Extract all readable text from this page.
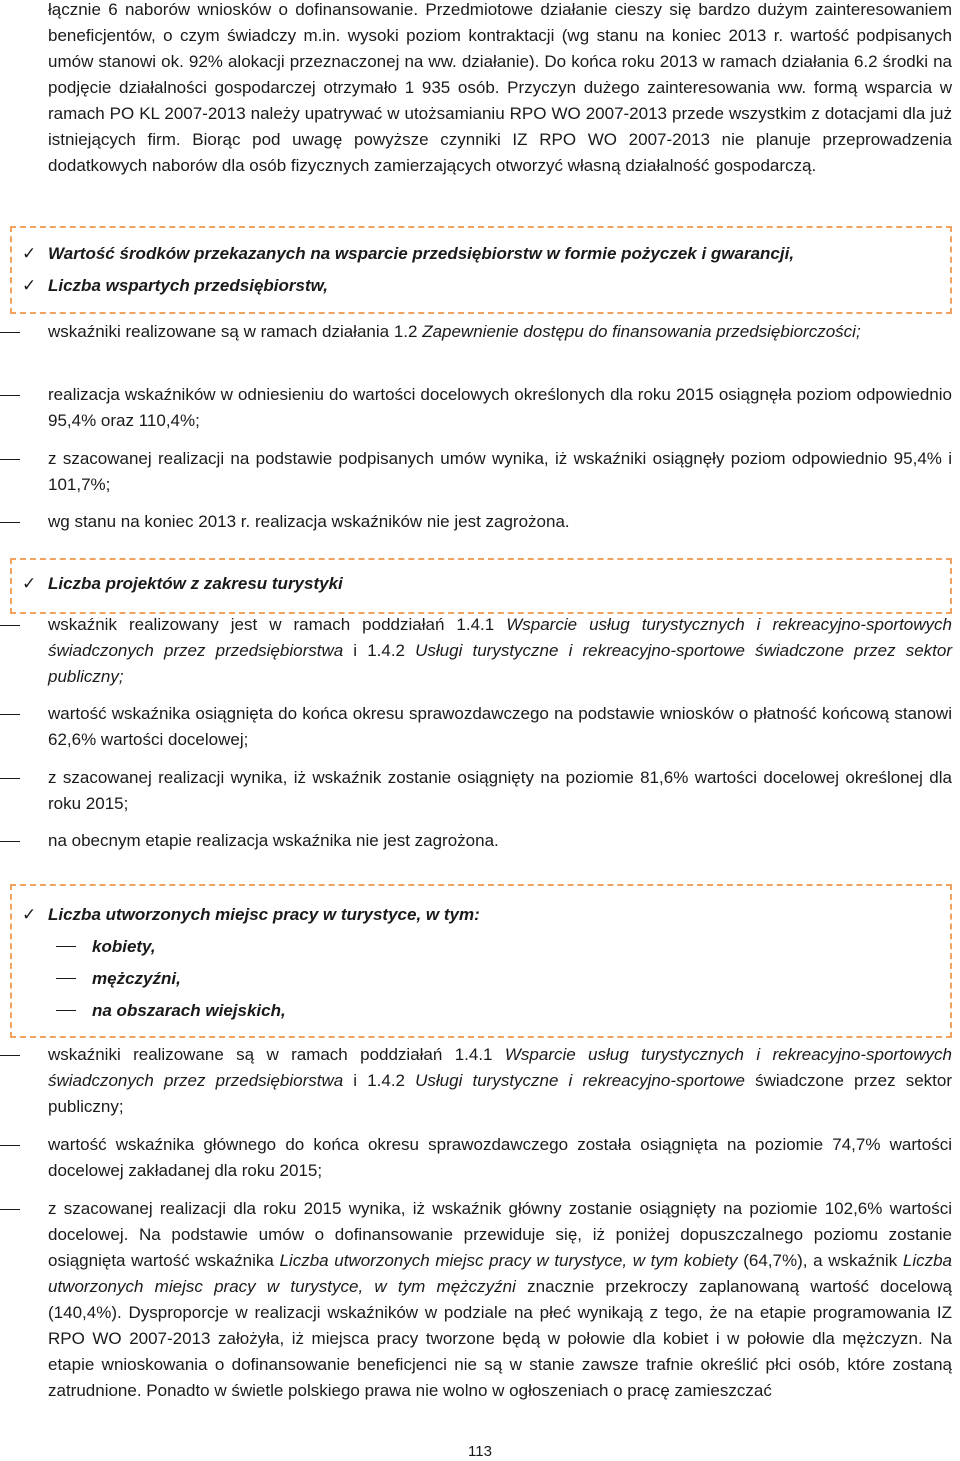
łącznie 6 naborów wniosków o dofinansowanie. Przedmiotowe działanie cieszy się bardzo dużym zainteresowaniem beneficjentów, o czym świadczy m.in. wysoki poziom kontraktacji (wg stanu na koniec 2013 r. wartość podpisanych umów stanowi ok. 92% alokacji przeznaczonej na ww. działanie). Do końca roku 2013 w ramach działania 6.2 środki na podjęcie działalności gospodarczej otrzymało 1 935 osób. Przyczyn dużego zainteresowania ww. formą wsparcia w ramach PO KL 2007-2013 należy upatrywać w utożsamianiu RPO WO 2007-2013 przede wszystkim z dotacjami dla już istniejących firm. Biorąc pod uwagę powyższe czynniki IZ RPO WO 2007-2013 nie planuje przeprowadzenia dodatkowych naborów dla osób fizycznych zamierzających otworzyć własną działalność gospodarczą.

✓ Wartość środków przekazanych na wsparcie przedsiębiorstw w formie pożyczek i gwarancji,
✓ Liczba wspartych przedsiębiorstw,

wskaźniki realizowane są w ramach działania 1.2 Zapewnienie dostępu do finansowania przedsiębiorczości;

realizacja wskaźników w odniesieniu do wartości docelowych określonych dla roku 2015 osiągnęła poziom odpowiednio 95,4% oraz 110,4%;

z szacowanej realizacji na podstawie podpisanych umów wynika, iż wskaźniki osiągnęły poziom odpowiednio 95,4% i 101,7%;

wg stanu na koniec 2013 r. realizacja wskaźników nie jest zagrożona.

✓ Liczba projektów z zakresu turystyki

wskaźnik realizowany jest w ramach poddziałań 1.4.1 Wsparcie usług turystycznych i rekreacyjno-sportowych świadczonych przez przedsiębiorstwa i 1.4.2 Usługi turystyczne i rekreacyjno-sportowe świadczone przez sektor publiczny;

wartość wskaźnika osiągnięta do końca okresu sprawozdawczego na podstawie wniosków o płatność końcową stanowi 62,6% wartości docelowej;

z szacowanej realizacji wynika, iż wskaźnik zostanie osiągnięty na poziomie 81,6% wartości docelowej określonej dla roku 2015;

na obecnym etapie realizacja wskaźnika nie jest zagrożona.

✓ Liczba utworzonych miejsc pracy w turystyce, w tym:
kobiety,
mężczyźni,
na obszarach wiejskich,

wskaźniki realizowane są w ramach poddziałań 1.4.1 Wsparcie usług turystycznych i rekreacyjno-sportowych świadczonych przez przedsiębiorstwa i 1.4.2 Usługi turystyczne i rekreacyjno-sportowe świadczone przez sektor publiczny;

wartość wskaźnika głównego do końca okresu sprawozdawczego została osiągnięta na poziomie 74,7% wartości docelowej zakładanej dla roku 2015;

z szacowanej realizacji dla roku 2015 wynika, iż wskaźnik główny zostanie osiągnięty na poziomie 102,6% wartości docelowej. Na podstawie umów o dofinansowanie przewiduje się, iż poniżej dopuszczalnego poziomu zostanie osiągnięta wartość wskaźnika Liczba utworzonych miejsc pracy w turystyce, w tym kobiety (64,7%), a wskaźnik Liczba utworzonych miejsc pracy w turystyce, w tym mężczyźni znacznie przekroczy zaplanowaną wartość docelową (140,4%). Dysproporcje w realizacji wskaźników w podziale na płeć wynikają z tego, że na etapie programowania IZ RPO WO 2007-2013 założyła, iż miejsca pracy tworzone będą w połowie dla kobiet i w połowie dla mężczyzn. Na etapie wnioskowania o dofinansowanie beneficjenci nie są w stanie zawsze trafnie określić płci osób, które zostaną zatrudnione. Ponadto w świetle polskiego prawa nie wolno w ogłoszeniach o pracę zamieszczać

113
